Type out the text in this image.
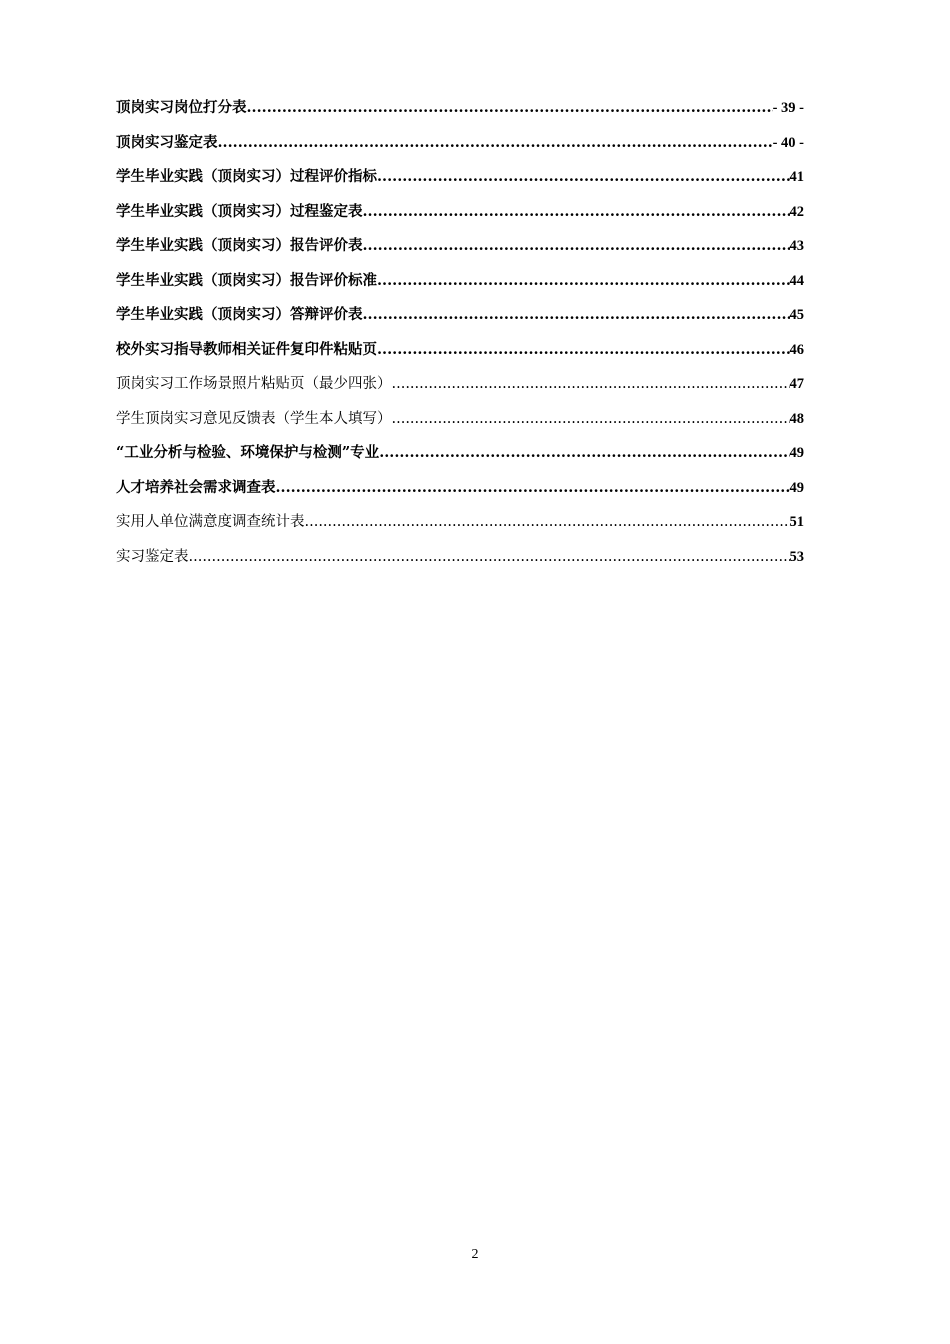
顶岗实习岗位打分表 .....	- 39 -
顶岗实习鉴定表 .....	- 40 -
学生毕业实践（顶岗实习）过程评价指标 .....	41
学生毕业实践（顶岗实习）过程鉴定表 .....	42
学生毕业实践（顶岗实习）报告评价表 .....	43
学生毕业实践（顶岗实习）报告评价标准 .....	44
学生毕业实践（顶岗实习）答辩评价表 .....	45
校外实习指导教师相关证件复印件粘贴页 .....	46
顶岗实习工作场景照片粘贴页（最少四张） .....	47
学生顶岗实习意见反馈表（学生本人填写） .....	48
“工业分析与检验、环境保护与检测”专业 .....	49
人才培养社会需求调查表 .....	49
实用人单位满意度调查统计表 .....	51
实习鉴定表 .....	53
2
